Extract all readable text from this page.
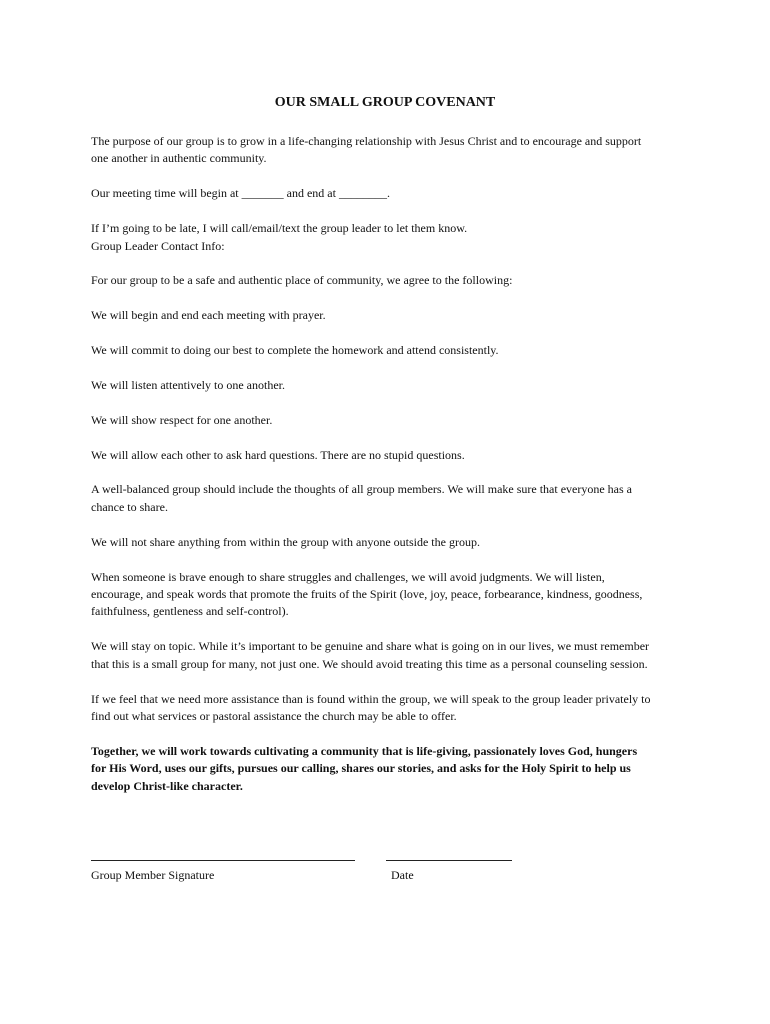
OUR SMALL GROUP COVENANT
The purpose of our group is to grow in a life-changing relationship with Jesus Christ and to encourage and support
one another in authentic community.
Our meeting time will begin at _______ and end at ________.
If I’m going to be late, I will call/email/text the group leader to let them know.
Group Leader Contact Info:
For our group to be a safe and authentic place of community, we agree to the following:
We will begin and end each meeting with prayer.
We will commit to doing our best to complete the homework and attend consistently.
We will listen attentively to one another.
We will show respect for one another.
We will allow each other to ask hard questions. There are no stupid questions.
A well-balanced group should include the thoughts of all group members. We will make sure that everyone has a
chance to share.
We will not share anything from within the group with anyone outside the group.
When someone is brave enough to share struggles and challenges, we will avoid judgments. We will listen,
encourage, and speak words that promote the fruits of the Spirit (love, joy, peace, forbearance, kindness, goodness,
faithfulness, gentleness and self-control).
We will stay on topic. While it’s important to be genuine and share what is going on in our lives, we must remember
that this is a small group for many, not just one. We should avoid treating this time as a personal counseling session.
If we feel that we need more assistance than is found within the group, we will speak to the group leader privately to
find out what services or pastoral assistance the church may be able to offer.
Together, we will work towards cultivating a community that is life-giving, passionately loves God, hungers
for His Word, uses our gifts, pursues our calling, shares our stories, and asks for the Holy Spirit to help us
develop Christ-like character.
Group Member Signature	Date
